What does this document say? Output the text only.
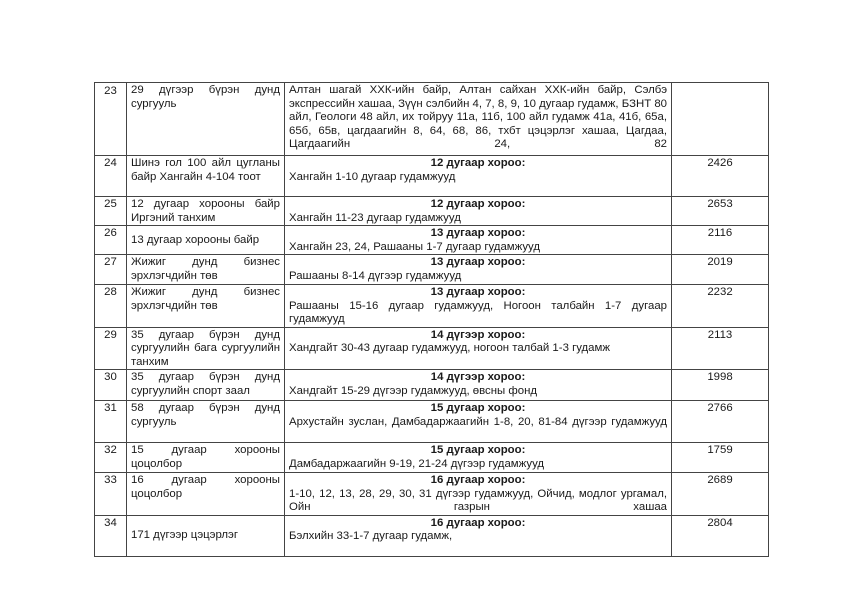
23	29 дүгээр бүрэн дунд сургууль	Алтан шагай ХХК-ийн байр, Алтан сайхан ХХК-ийн байр, Сэлбэ экспрессийн хашаа, Зүүн сэлбийн 4, 7, 8, 9, 10 дугаар гудамж, БЗНТ 80 айл, Геологи 48 айл, их тойруу 11а, 11б, 100 айл гудамж 41а, 41б, 65а, 65б, 65в, цагдаагийн 8, 64, 68, 86, тхбт цэцэрлэг хашаа, Цагдаа, Цагдаагийн 24, 82	

24	Шинэ гол 100 айл цугланы байр Хангайн 4-104 тоот	12 дугаар хороо:
Хангайн 1-10 дугаар гудамжууд	2426
25	12 дугаар хорооны байр Иргэний танхим	12 дугаар хороо:
Хангайн 11-23 дугаар гудамжууд	2653
26	13 дугаар хорооны байр	13 дугаар хороо:
Хангайн 23, 24, Рашааны 1-7 дугаар гудамжууд	2116
27	Жижиг дунд бизнес эрхлэгчдийн төв	13 дугаар хороо:
Рашааны 8-14 дүгээр гудамжууд	2019
28	Жижиг дунд бизнес эрхлэгчдийн төв	13 дугаар хороо:
Рашааны 15-16 дугаар гудамжууд, Ногоон талбайн 1-7 дугаар гудамжууд	2232
29	35 дугаар бүрэн дунд сургуулийн бага сургуулийн танхим	14 дүгээр хороо:
Хандгайт 30-43 дугаар гудамжууд, ногоон талбай 1-3 гудамж	2113
30	35 дугаар бүрэн дунд сургуулийн спорт заал	14 дүгээр хороо:
Хандгайт 15-29 дүгээр гудамжууд, өвсны фонд	1998
31	58 дугаар бүрэн дунд сургууль	15 дугаар хороо:
Архустайн зуслан, Дамбадаржаагийн 1-8, 20, 81-84 дүгээр гудамжууд	2766
32	15 дугаар хорооны цоцолбор	15 дугаар хороо:
Дамбадаржаагийн 9-19, 21-24 дүгээр гудамжууд	1759
33	16 дугаар хорооны цоцолбор	16 дугаар хороо:
1-10, 12, 13, 28, 29, 30, 31 дүгээр гудамжууд, Ойчид, модлог ургамал, Ойн газрын хашаа	2689
34	171 дүгээр цэцэрлэг	16 дугаар хороо:
Бэлхийн 33-1-7 дугаар гудамж,	2804
